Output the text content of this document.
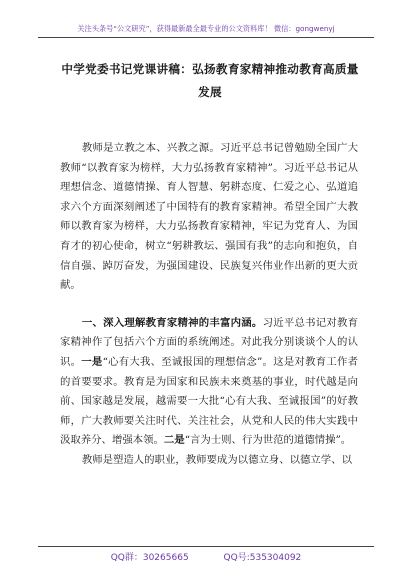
关注头条号“公文研究”，获得最新最全最专业的公文资料库！ 微信：gongwenyj
中学党委书记党课讲稿：弘扬教育家精神推动教育高质量
发展

教师是立教之本、兴教之源。习近平总书记曾勉励全国广大教师“以教育家为榜样，大力弘扬教育家精神”。习近平总书记从理想信念、道德情操、育人智慧、躬耕态度、仁爱之心、弘道追求六个方面深刻阐述了中国特有的教育家精神。希望全国广大教师以教育家为榜样，大力弘扬教育家精神，牢记为党育人、为国育才的初心使命，树立“躬耕教坛、强国有我”的志向和抱负，自信自强、踔厉奋发，为强国建设、民族复兴伟业作出新的更大贡献。

一、深入理解教育家精神的丰富内涵。习近平总书记对教育家精神作了包括六个方面的系统阐述。对此我分别谈谈个人的认识。一是“心有大我、至诚报国的理想信念”。这是对教育工作者的首要要求。教育是为国家和民族未来奠基的事业，时代越是向前、国家越是发展，越需要一大批“心有大我、至诚报国”的好教师，广大教师要关注时代、关注社会，从党和人民的伟大实践中汲取养分、增强本领。二是“言为士则、行为世范的道德情操”。

教师是塑造人的职业，教师要成为以德立身、以德立学、以

QQ群：30265665	QQ号:535304092
